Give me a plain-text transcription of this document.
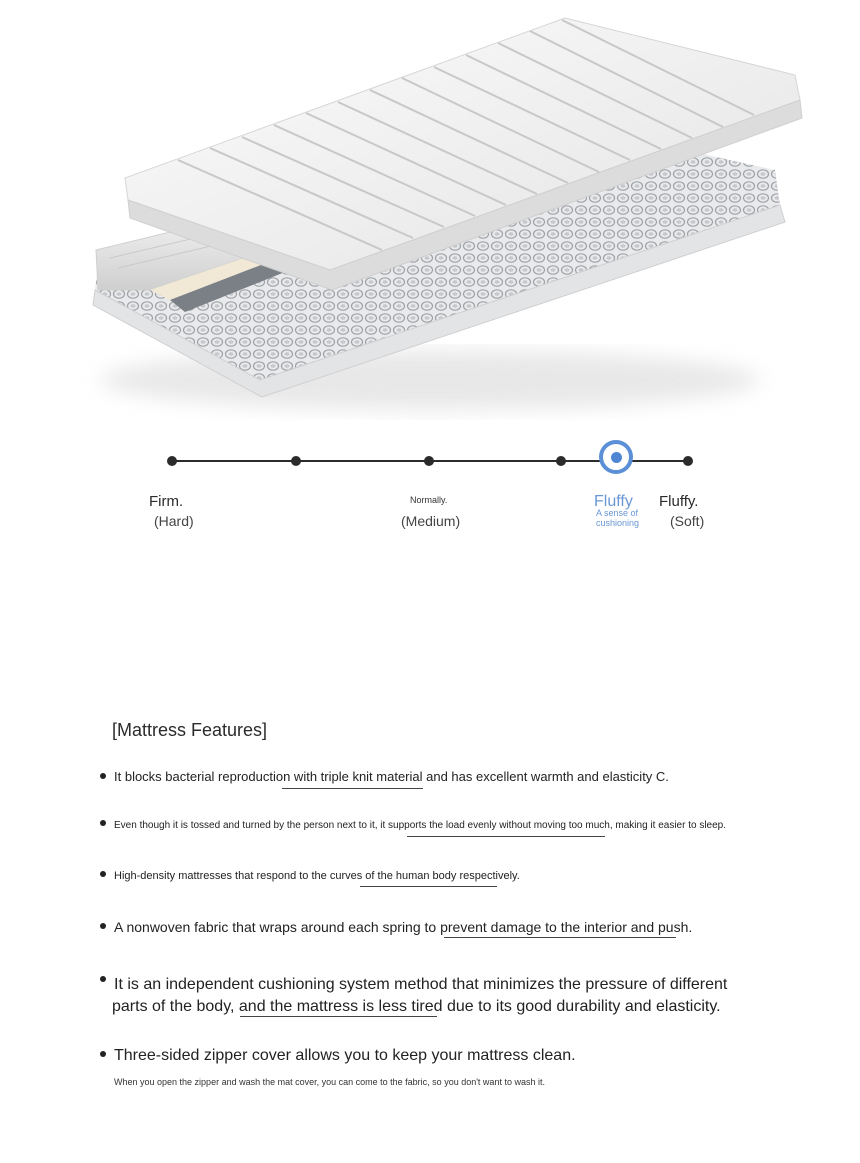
Firm.
(Hard)
Normally.
(Medium)
Fluffy
A sense of cushioning
Fluffy.
(Soft)
[Mattress Features]
It blocks bacterial reproduction with triple knit material and has excellent warmth and elasticity C.
Even though it is tossed and turned by the person next to it, it supports the load evenly without moving too much, making it easier to sleep.
High-density mattresses that respond to the curves of the human body respectively.
A nonwoven fabric that wraps around each spring to prevent damage to the interior and push.
It is an independent cushioning system method that minimizes the pressure of different
parts of the body, and the mattress is less tired due to its good durability and elasticity.
Three-sided zipper cover allows you to keep your mattress clean.
When you open the zipper and wash the mat cover, you can come to the fabric, so you don't want to wash it.
